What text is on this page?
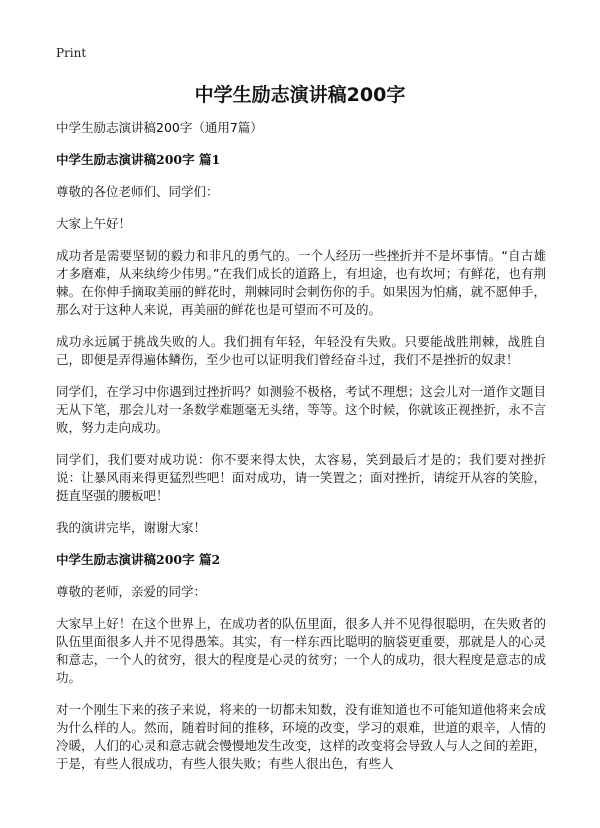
Print
中学生励志演讲稿200字

中学生励志演讲稿200字（通用7篇）

中学生励志演讲稿200字 篇1

尊敬的各位老师们、同学们：

大家上午好！

成功者是需要坚韧的毅力和非凡的勇气的。一个人经历一些挫折并不是坏事情。“自古雄才多磨难，从来纨绔少伟男。”在我们成长的道路上，有坦途，也有坎坷；有鲜花，也有荆棘。在你伸手摘取美丽的鲜花时，荆棘同时会刺伤你的手。如果因为怕痛，就不愿伸手，那么对于这种人来说，再美丽的鲜花也是可望而不可及的。

成功永远属于挑战失败的人。我们拥有年轻，年轻没有失败。只要能战胜荆棘，战胜自己，即便是弄得遍体鳞伤，至少也可以证明我们曾经奋斗过，我们不是挫折的奴隶！

同学们，在学习中你遇到过挫折吗？如测验不极格，考试不理想；这会儿对一道作文题目无从下笔，那会儿对一条数学难题毫无头绪，等等。这个时候，你就该正视挫折，永不言败，努力走向成功。

同学们，我们要对成功说：你不要来得太快，太容易，笑到最后才是的；我们要对挫折说：让暴风雨来得更猛烈些吧！面对成功，请一笑置之；面对挫折，请绽开从容的笑脸，挺直坚强的腰板吧！

我的演讲完毕，谢谢大家！

中学生励志演讲稿200字 篇2

尊敬的老师，亲爱的同学：

大家早上好！在这个世界上，在成功者的队伍里面，很多人并不见得很聪明，在失败者的队伍里面很多人并不见得愚笨。其实，有一样东西比聪明的脑袋更重要，那就是人的心灵和意志，一个人的贫穷，很大的程度是心灵的贫穷；一个人的成功，很大程度是意志的成功。

对一个刚生下来的孩子来说，将来的一切都未知数，没有谁知道也不可能知道他将来会成为什么样的人。然而，随着时间的推移，环境的改变，学习的艰难，世道的艰辛，人情的冷暖，人们的心灵和意志就会慢慢地发生改变，这样的改变将会导致人与人之间的差距，于是，有些人很成功，有些人很失败；有些人很出色，有些人
